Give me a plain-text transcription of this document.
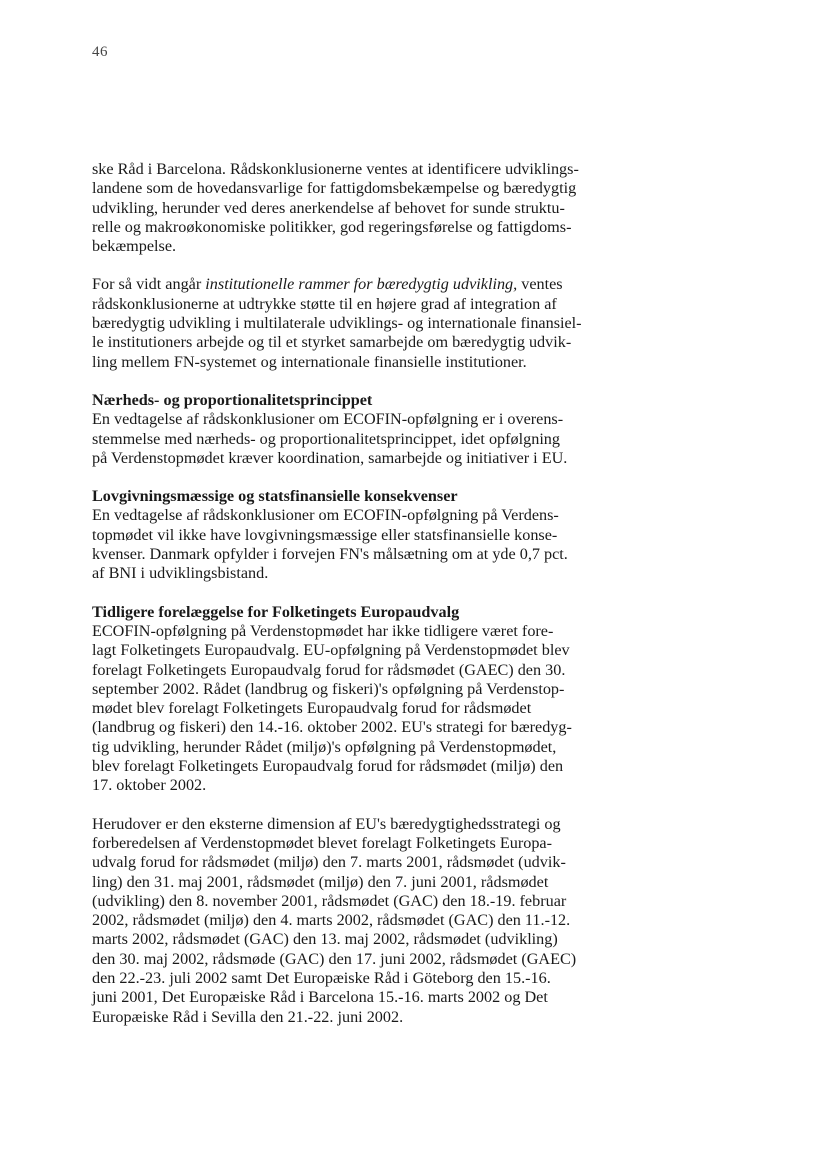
46

ske Råd i Barcelona. Rådskonklusionerne ventes at identificere udviklings-
landene som de hovedansvarlige for fattigdomsbekæmpelse og bæredygtig
udvikling, herunder ved deres anerkendelse af behovet for sunde struktu-
relle og makroøkonomiske politikker, god regeringsførelse og fattigdoms-
bekæmpelse.

For så vidt angår institutionelle rammer for bæredygtig udvikling, ventes
rådskonklusionerne at udtrykke støtte til en højere grad af integration af
bæredygtig udvikling i multilaterale udviklings- og internationale finansiel-
le institutioners arbejde og til et styrket samarbejde om bæredygtig udvik-
ling mellem FN-systemet og internationale finansielle institutioner.

Nærheds- og proportionalitetsprincippet

En vedtagelse af rådskonklusioner om ECOFIN-opfølgning er i overens-
stemmelse med nærheds- og proportionalitetsprincippet, idet opfølgning
på Verdenstopmødet kræver koordination, samarbejde og initiativer i EU.

Lovgivningsmæssige og statsfinansielle konsekvenser

En vedtagelse af rådskonklusioner om ECOFIN-opfølgning på Verdens-
topmødet vil ikke have lovgivningsmæssige eller statsfinansielle konse-
kvenser. Danmark opfylder i forvejen FN's målsætning om at yde 0,7 pct.
af BNI i udviklingsbistand.

Tidligere forelæggelse for Folketingets Europaudvalg

ECOFIN-opfølgning på Verdenstopmødet har ikke tidligere været fore-
lagt Folketingets Europaudvalg. EU-opfølgning på Verdenstopmødet blev
forelagt Folketingets Europaudvalg forud for rådsmødet (GAEC) den 30.
september 2002. Rådet (landbrug og fiskeri)'s opfølgning på Verdenstop-
mødet blev forelagt Folketingets Europaudvalg forud for rådsmødet
(landbrug og fiskeri) den 14.-16. oktober 2002. EU's strategi for bæredyg-
tig udvikling, herunder Rådet (miljø)'s opfølgning på Verdenstopmødet,
blev forelagt Folketingets Europaudvalg forud for rådsmødet (miljø) den
17. oktober 2002.

Herudover er den eksterne dimension af EU's bæredygtighedsstrategi og
forberedelsen af Verdenstopmødet blevet forelagt Folketingets Europa-
udvalg forud for rådsmødet (miljø) den 7. marts 2001, rådsmødet (udvik-
ling) den 31. maj 2001, rådsmødet (miljø) den 7. juni 2001, rådsmødet
(udvikling) den 8. november 2001, rådsmødet (GAC) den 18.-19. februar
2002, rådsmødet (miljø) den 4. marts 2002, rådsmødet (GAC) den 11.-12.
marts 2002, rådsmødet (GAC) den 13. maj 2002, rådsmødet (udvikling)
den 30. maj 2002, rådsmøde (GAC) den 17. juni 2002, rådsmødet (GAEC)
den 22.-23. juli 2002 samt Det Europæiske Råd i Göteborg den 15.-16.
juni 2001, Det Europæiske Råd i Barcelona 15.-16. marts 2002 og Det
Europæiske Råd i Sevilla den 21.-22. juni 2002.
